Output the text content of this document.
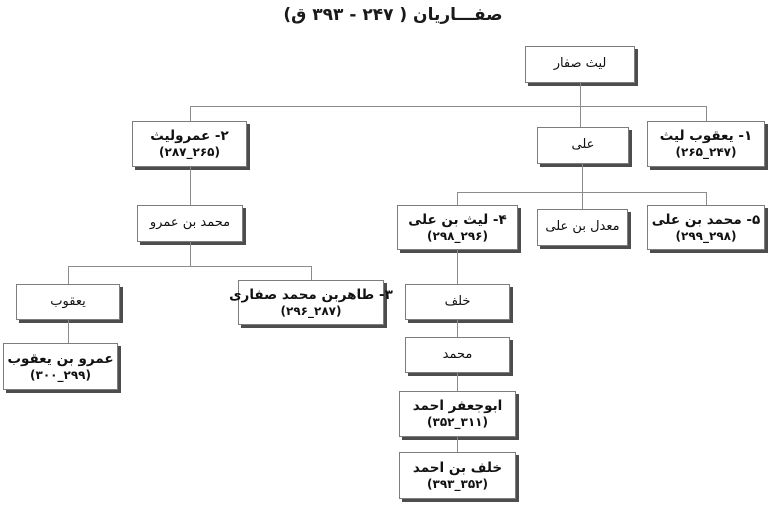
صفـــاریان ( ۲۴۷ - ۳۹۳ ق)
لیث صفار
۲- عمرولیث
(۲۶۵_۲۸۷)	علی
۱- یعقوب لیث
(۲۴۷_۲۶۵)
محمد بن عمرو	۴- لیث بن علی
(۲۹۶_۲۹۸)
معدل بن علی ۵- محمد بن علی
(۲۹۸_۲۹۹)
یعقوب	۳- طاهربن محمد صفاری
(۲۸۷_۲۹۶)
خلف
محمد
عمرو بن یعقوب
(۲۹۹_۳۰۰)
ابوجعفر احمد
(۳۱۱_۳۵۲)
خلف بن احمد
(۳۵۲_۳۹۳)
